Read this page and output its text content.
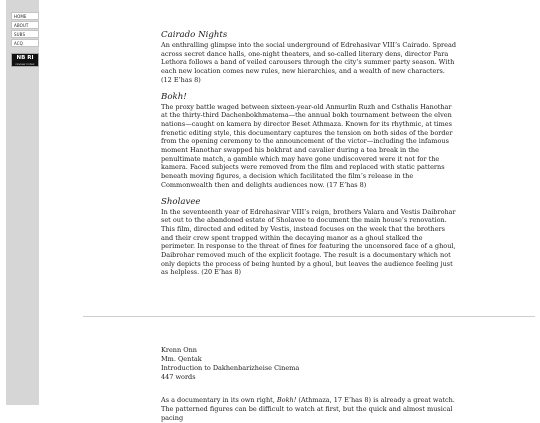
HOME
ABOUT
SUBS
ACQ
NB RI
review index
Cairado Nights

An enthralling glimpse into the social underground of Edrehasivar VIII’s Cairado. Spread across secret dance halls, one-night theaters, and so-called literary dens, director Para Lethora follows a band of veiled carousers through the city’s summer party season. With each new location comes new rules, new hierarchies, and a wealth of new characters. (12 E’has 8)

Bokh!

The proxy battle waged between sixteen-year-old Anmurlin Ruzh and Csthalis Hanothar at the thirty-third Dachenbokhmatema—the annual bokh tournament between the elven nations—caught on kamera by director Beset Athmaza. Known for its rhythmic, at times frenetic editing style, this documentary captures the tension on both sides of the border from the opening ceremony to the announcement of the victor—including the infamous moment Hanothar swapped his bokhrat and cavalier during a tea break in the penultimate match, a gamble which may have gone undiscovered were it not for the kamera. Faced subjects were removed from the film and replaced with static patterns beneath moving figures, a decision which facilitated the film’s release in the Commonwealth then and delights audiences now. (17 E’has 8)

Sholavee

In the seventeenth year of Edrehasivar VIII’s reign, brothers Valara and Vestis Daibrohar set out to the abandoned estate of Sholavee to document the main house’s renovation. This film, directed and edited by Vestis, instead focuses on the week that the brothers and their crew spent trapped within the decaying manor as a ghoul stalked the perimeter. In response to the threat of fines for featuring the uncensored face of a ghoul, Daibrohar removed much of the explicit footage. The result is a documentary which not only depicts the process of being hunted by a ghoul, but leaves the audience feeling just as helpless. (20 E’has 8)

Krenn Onn
Mm. Qentak
Introduction to Dakhenbarizheise Cinema
447 words

As a documentary in its own right, Bokh! (Athmaza, 17 E’has 8) is already a great watch. The patterned figures can be difficult to watch at first, but the quick and almost musical pacing
